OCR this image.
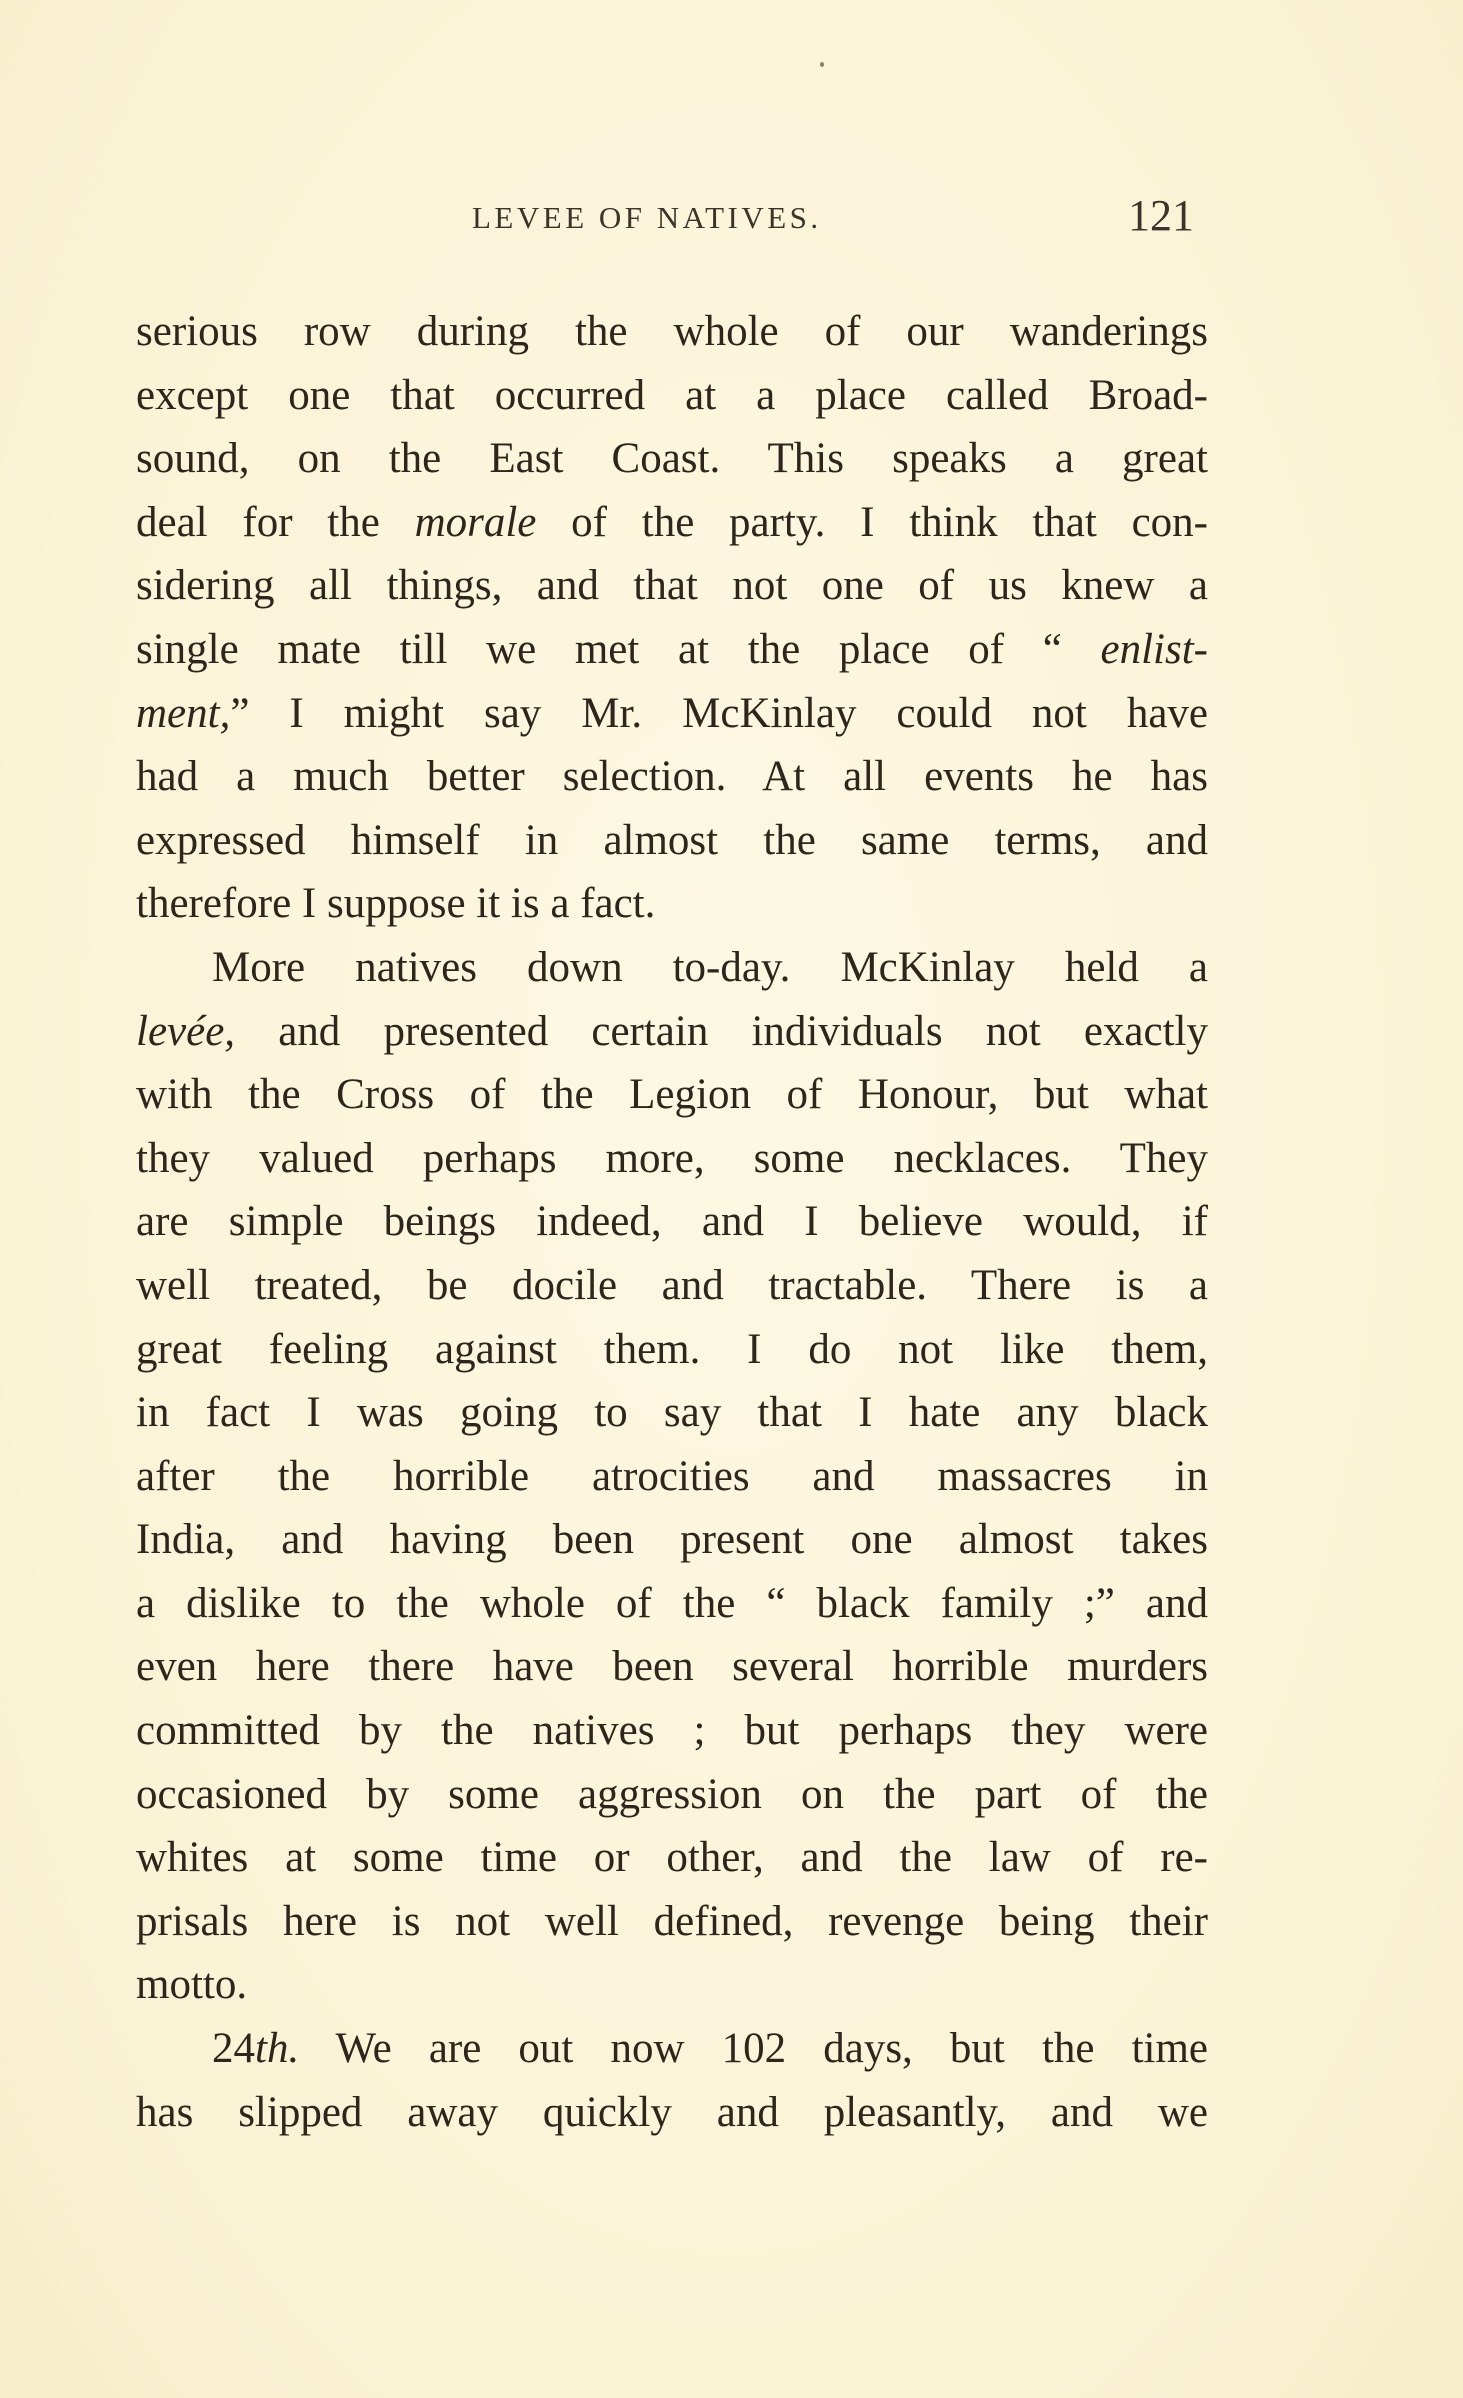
LEVEE OF NATIVES.	121
serious row during the whole of our wanderings
except one that occurred at a place called Broad-
sound, on the East Coast. This speaks a great
deal for the morale of the party. I think that con-
sidering all things, and that not one of us knew a
single mate till we met at the place of “ enlist-
ment,” I might say Mr. McKinlay could not have
had a much better selection. At all events he has
expressed himself in almost the same terms, and
therefore I suppose it is a fact.
More natives down to-day. McKinlay held a
levée, and presented certain individuals not exactly
with the Cross of the Legion of Honour, but what
they valued perhaps more, some necklaces. They
are simple beings indeed, and I believe would, if
well treated, be docile and tractable. There is a
great feeling against them. I do not like them,
in fact I was going to say that I hate any black
after the horrible atrocities and massacres in
India, and having been present one almost takes
a dislike to the whole of the “ black family ;” and
even here there have been several horrible murders
committed by the natives ; but perhaps they were
occasioned by some aggression on the part of the
whites at some time or other, and the law of re-
prisals here is not well defined, revenge being their
motto.
24th. We are out now 102 days, but the time
has slipped away quickly and pleasantly, and we
